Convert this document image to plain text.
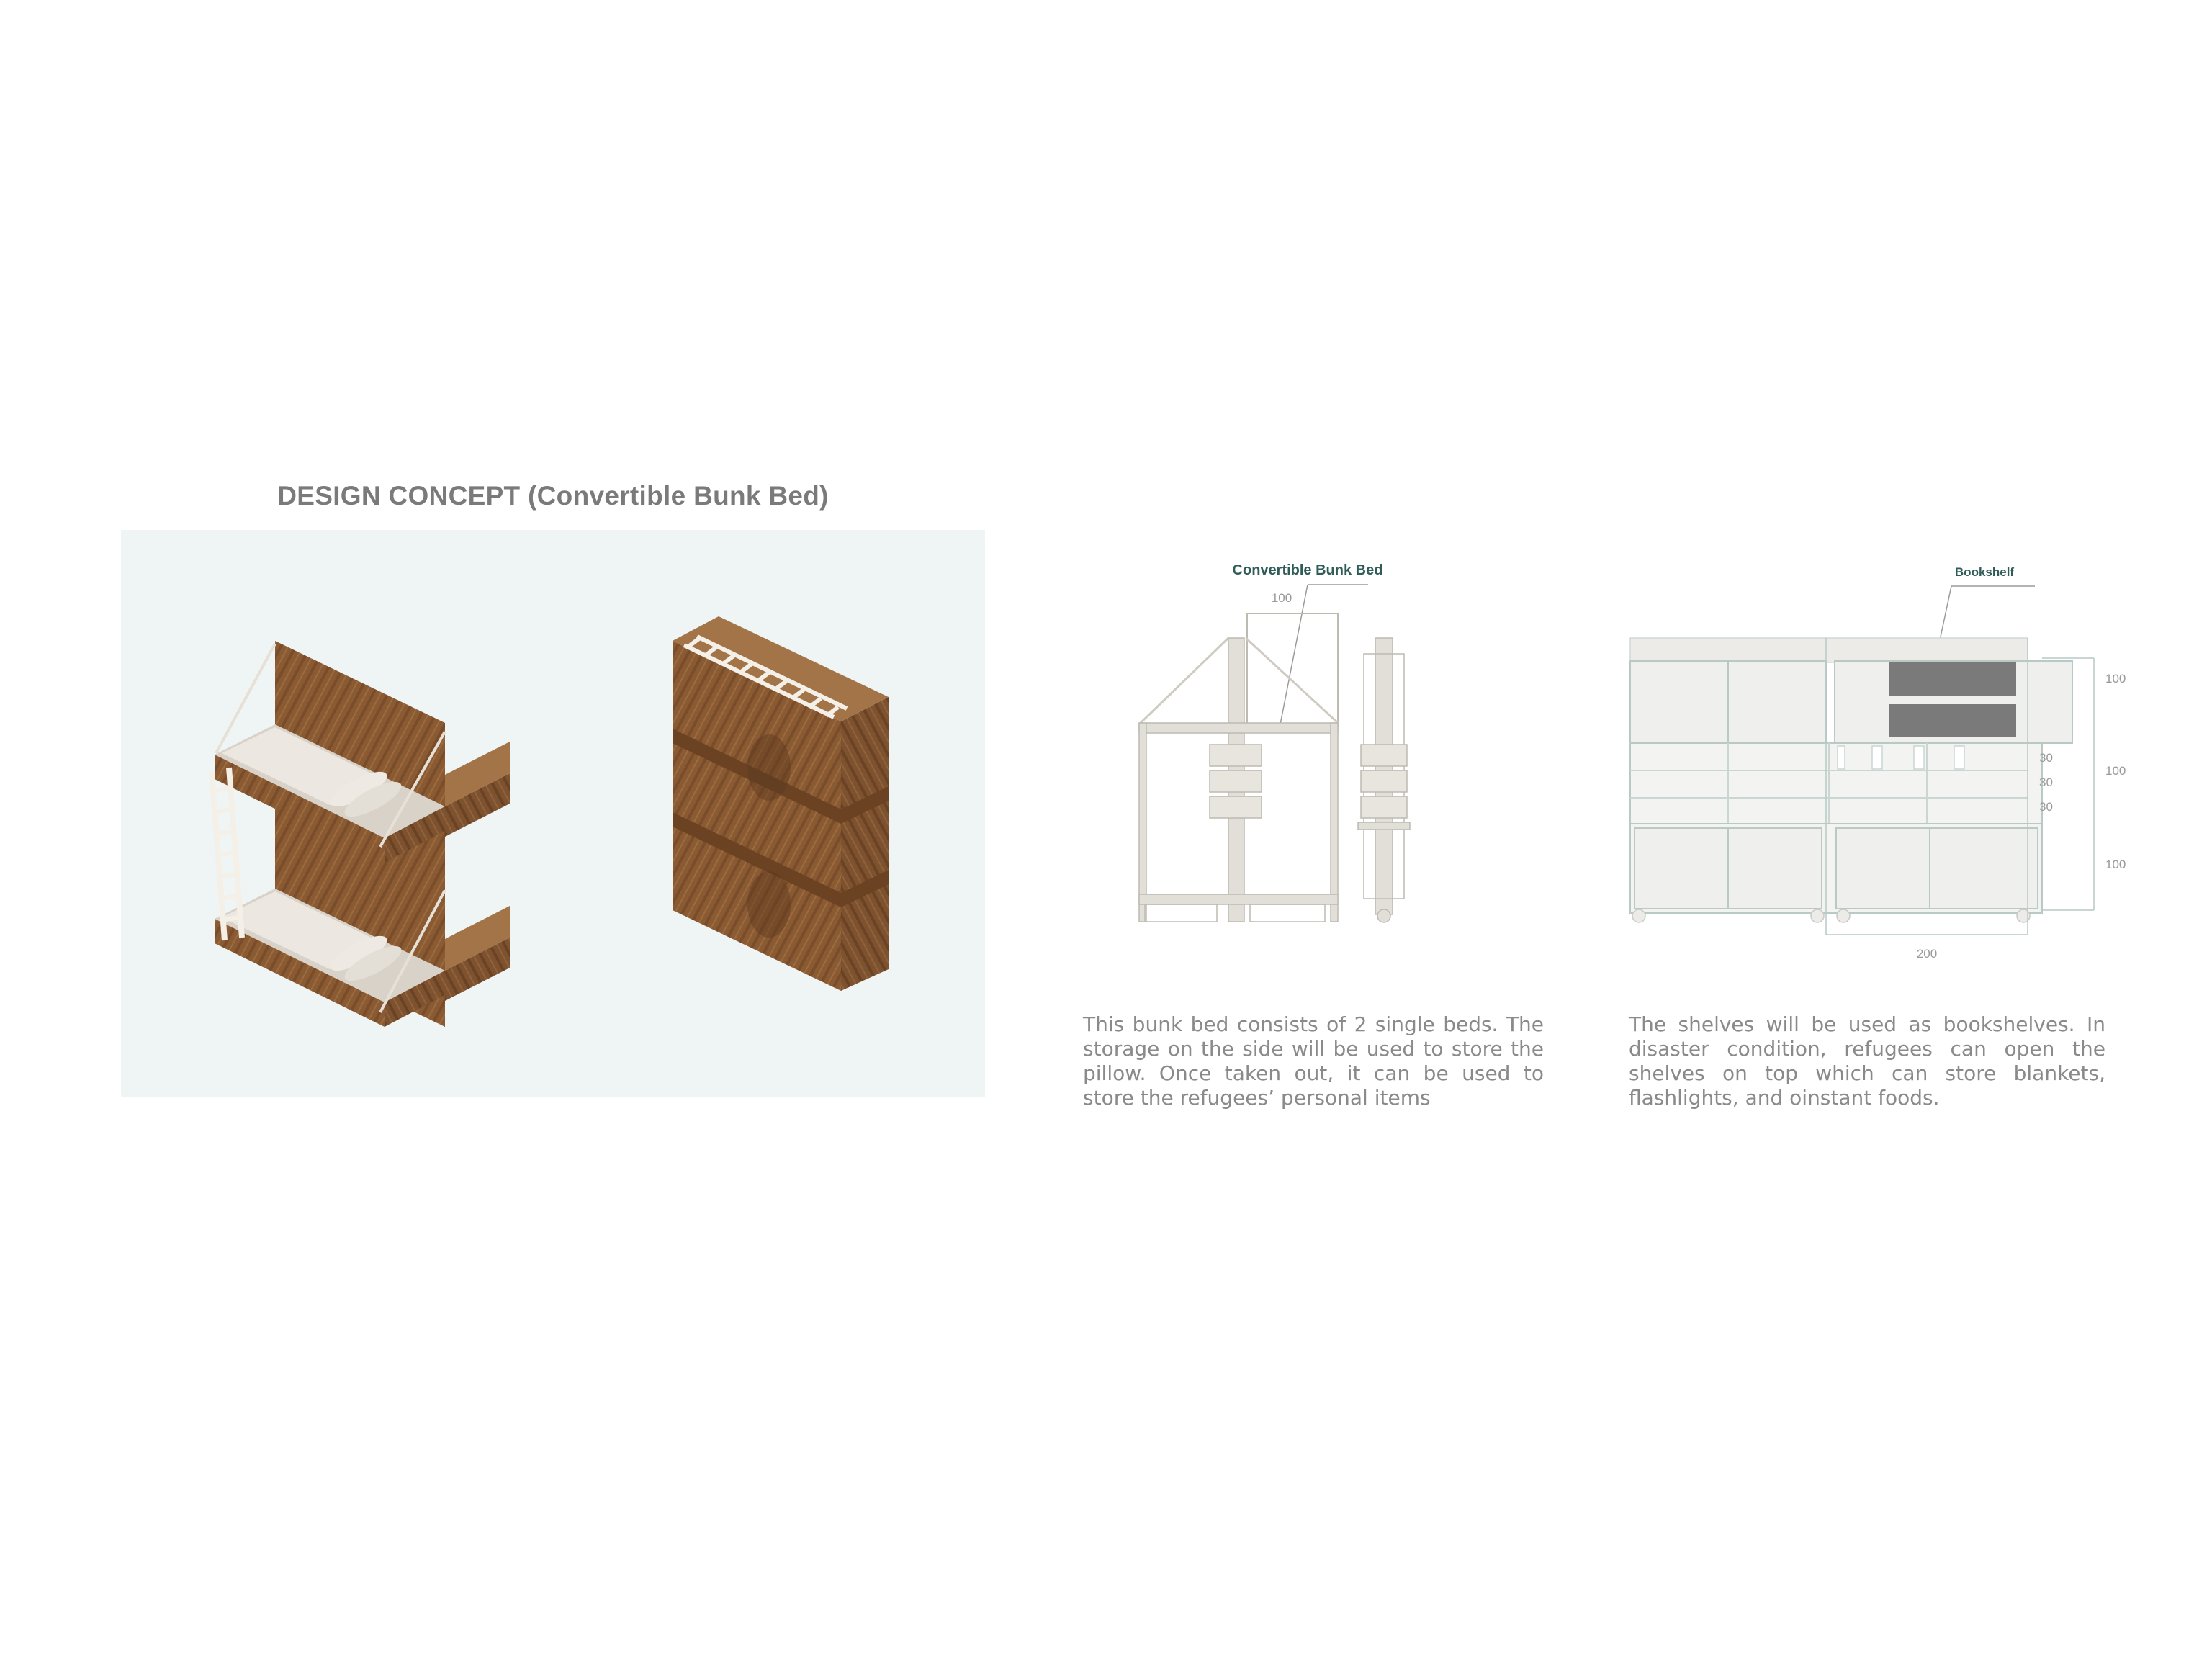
DESIGN CONCEPT (Convertible Bunk Bed)
Convertible Bunk Bed
100
Bookshelf
100
100
100
30
30
30
200
This bunk bed consists of 2 single beds. The storage on the side will be used to store the pillow. Once taken out, it can be used to store the refugees’ personal items
The shelves will be used as bookshelves. In disaster condition, refugees can open the shelves on top which can store blankets, flashlights, and oinstant foods.
